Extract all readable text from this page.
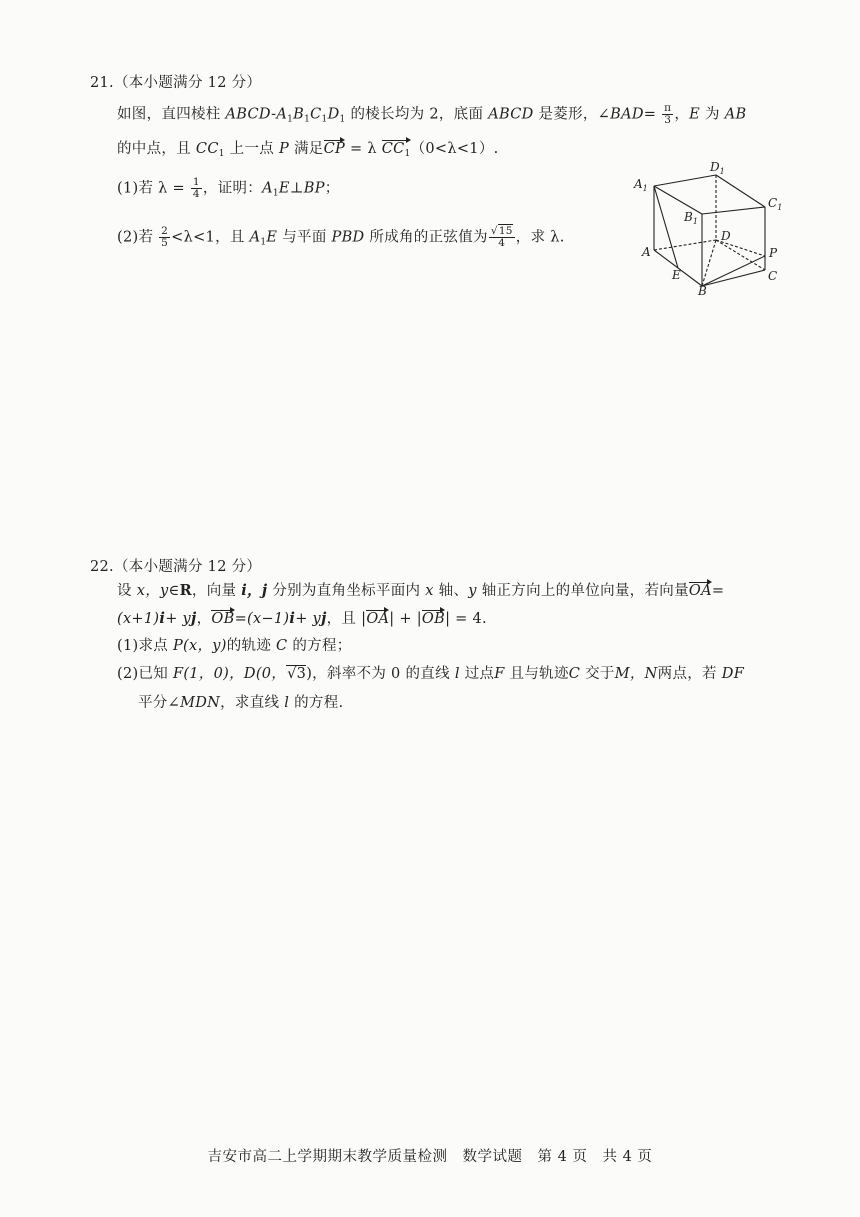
21.（本小题满分 12 分）
如图，直四棱柱 ABCD-$A_1B_1C_1D_1$ 的棱长均为 2，底面 ABCD 是菱形，∠BAD= $\frac{\pi}{3}$ ，E 为 AB
的中点，且 $CC_1$ 上一点 P 满足CP = λ $CC_1(0<\lambda<1)$.
(1)若 $\lambda = \frac{1}{4}$ ，证明：$A_1E\perp BP$；
(2)若 $\frac{2}{5} <\lambda<1$，且 $A_1E$ 与平面 PBD 所成角的正弦值为 $\frac{√15}{4}$ ，求 λ.
$A_1$
$D_1$
$B_1$
$C_1$
A
D
P
E
B
C
22.（本小题满分 12 分）
设 x，y∈R，向量 i，j 分别为直角坐标平面内 x 轴、y 轴正方向上的单位向量，若向量OA=
(x+1)i+ yj，OB=(x−1)i+ yj，且 |OA| + |OB| = 4.
(1)求点 P(x，y)的轨迹 C 的方程；
(2)已知 F(1，0)，D(0，√3)，斜率不为 0 的直线 l 过点F 且与轨迹C 交于M，N两点，若 DF
平分∠MDN，求直线 l 的方程.
吉安市高二上学期期末教学质量检测　数学试题　第 4 页　共 4 页
